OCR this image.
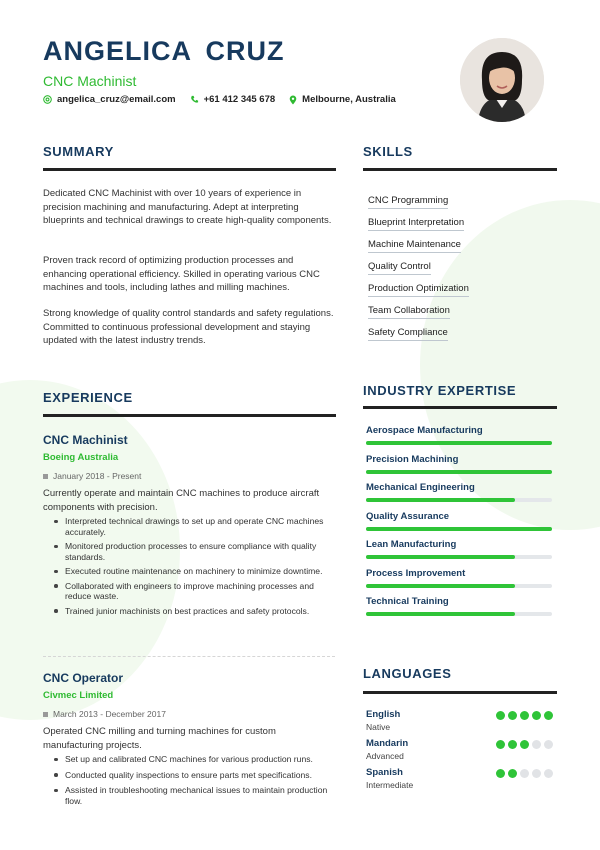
ANGELICA CRUZ
CNC Machinist
angelica_cruz@email.com	+61 412 345 678	Melbourne, Australia
SUMMARY
Dedicated CNC Machinist with over 10 years of experience in precision machining and manufacturing. Adept at interpreting blueprints and technical drawings to create high-quality components.
Proven track record of optimizing production processes and enhancing operational efficiency. Skilled in operating various CNC machines and tools, including lathes and milling machines.
Strong knowledge of quality control standards and safety regulations. Committed to continuous professional development and staying updated with the latest industry trends.
SKILLS
CNC Programming
Blueprint Interpretation
Machine Maintenance
Quality Control
Production Optimization
Team Collaboration
Safety Compliance
EXPERIENCE
CNC Machinist
Boeing Australia
January 2018 - Present
Currently operate and maintain CNC machines to produce aircraft components with precision.
Interpreted technical drawings to set up and operate CNC machines accurately.
Monitored production processes to ensure compliance with quality standards.
Executed routine maintenance on machinery to minimize downtime.
Collaborated with engineers to improve machining processes and reduce waste.
Trained junior machinists on best practices and safety protocols.
CNC Operator
Civmec Limited
March 2013 - December 2017
Operated CNC milling and turning machines for custom manufacturing projects.
Set up and calibrated CNC machines for various production runs.
Conducted quality inspections to ensure parts met specifications.
Assisted in troubleshooting mechanical issues to maintain production flow.
INDUSTRY EXPERTISE
Aerospace Manufacturing
Precision Machining
Mechanical Engineering
Quality Assurance
Lean Manufacturing
Process Improvement
Technical Training
LANGUAGES
English
Native
Mandarin
Advanced
Spanish
Intermediate
